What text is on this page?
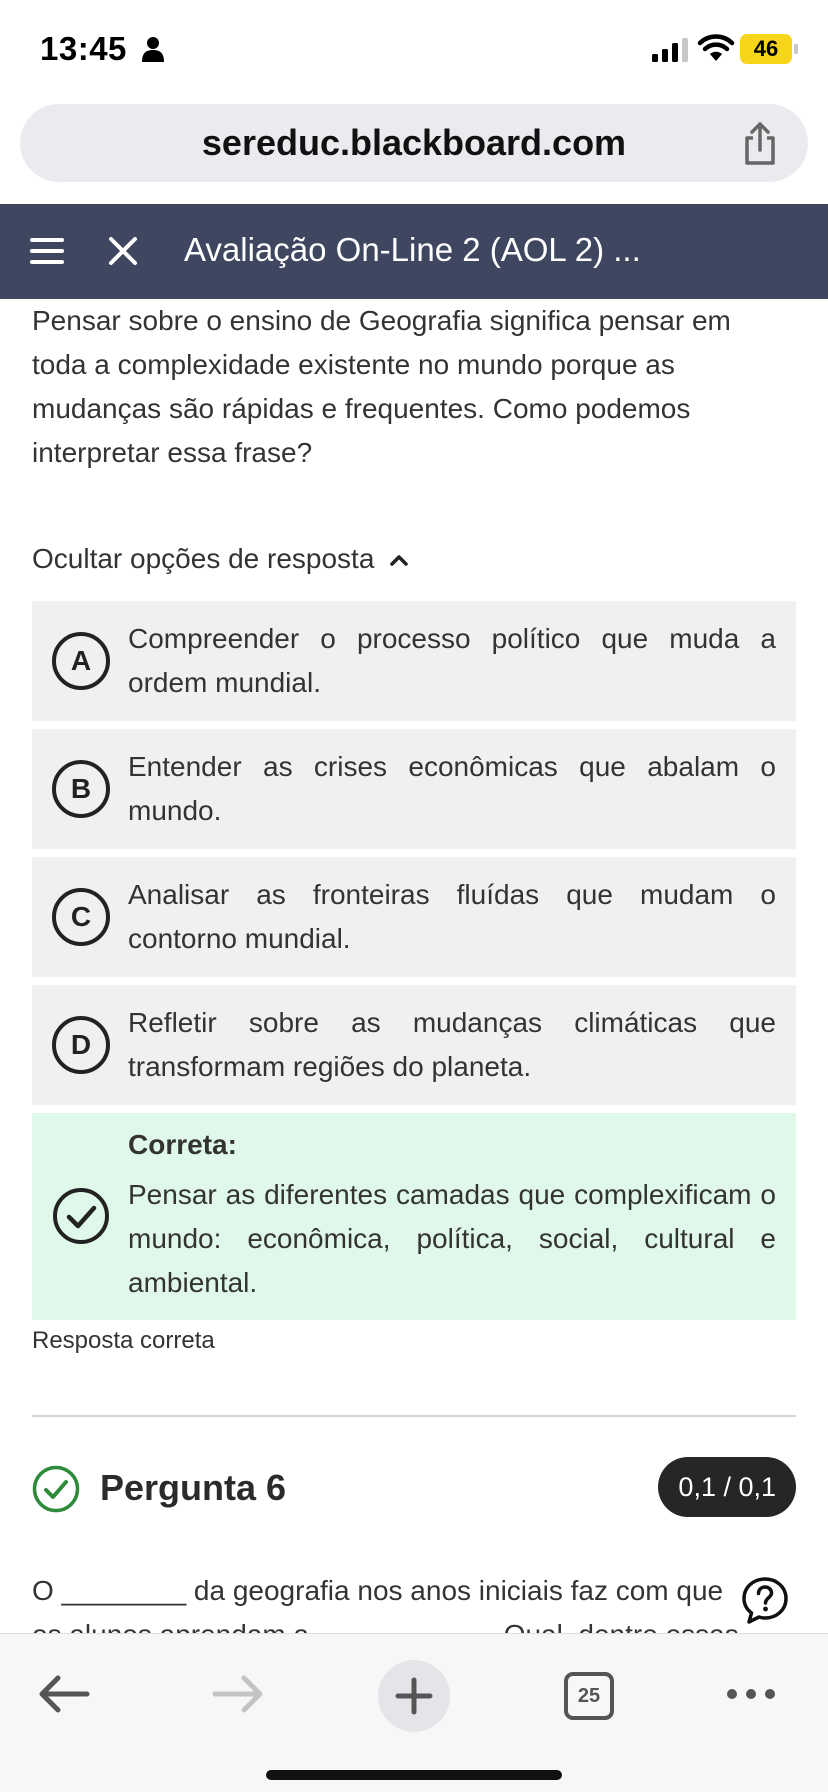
13:45	46
sereduc.blackboard.com
Avaliação On-Line 2 (AOL 2) ...

Pensar sobre o ensino de Geografia significa pensar em toda a complexidade existente no mundo porque as mudanças são rápidas e frequentes. Como podemos interpretar essa frase?

Ocultar opções de resposta
A
Compreender o processo político que muda a ordem mundial.
B
Entender as crises econômicas que abalam o mundo.
C
Analisar as fronteiras fluídas que mudam o contorno mundial.
D
Refletir sobre as mudanças climáticas que transformam regiões do planeta.
Correta:
Pensar as diferentes camadas que complexificam o mundo: econômica, política, social, cultural e ambiental.
Resposta correta
Pergunta 6	0,1 / 0,1

O ________ da geografia nos anos iniciais faz com que

25
